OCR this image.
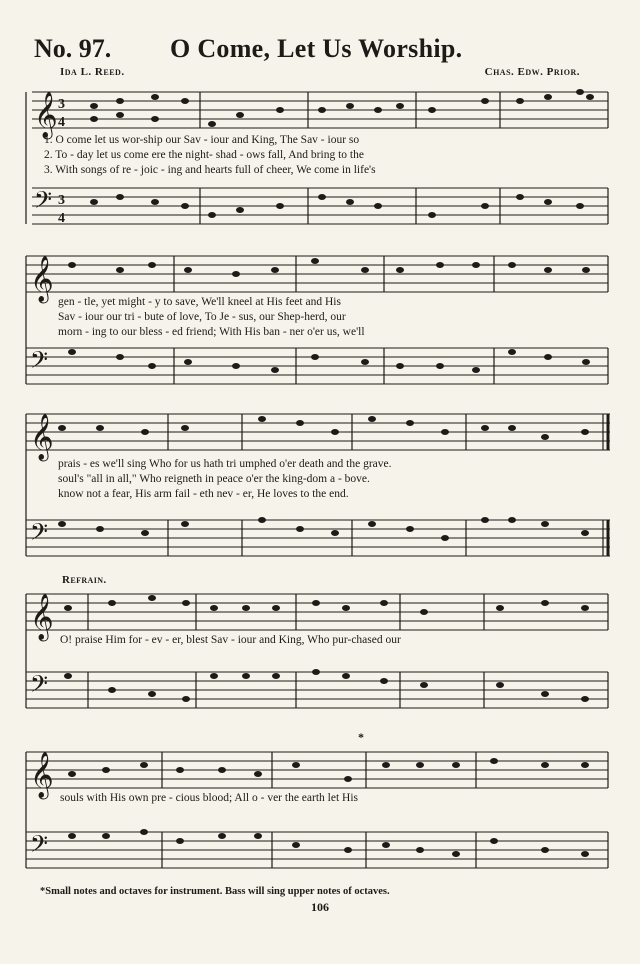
No. 97. O Come, Let Us Worship.
Ida L. Reed.	Chas. Edw. Prior.
𝄞
𝄢
3
4
3
4
1. O come let us wor-ship our Sav - iour and King, The Sav - iour so
2. To - day let us come ere the night- shad - ows fall, And bring to the
3. With songs of re - joic - ing and hearts full of cheer, We come in life's
𝄞
𝄢
gen - tle, yet might - y to save, We'll kneel at His feet and His
Sav - iour our tri - bute of love, To Je - sus, our Shep-herd, our
morn - ing to our bless - ed friend; With His ban - ner o'er us, we'll
𝄞
𝄢
prais - es we'll sing Who for us hath tri umphed o'er death and the grave.
soul's "all in all," Who reigneth in peace o'er the king-dom a - bove.
know not a fear, His arm fail - eth nev - er, He loves to the end.
Refrain.
𝄞
𝄢
O! praise Him for - ev - er, blest Sav - iour and King, Who pur-chased our
*
𝄞
𝄢
souls with His own pre - cious blood; All o - ver the earth let His
*Small notes and octaves for instrument. Bass will sing upper notes of octaves.
106
